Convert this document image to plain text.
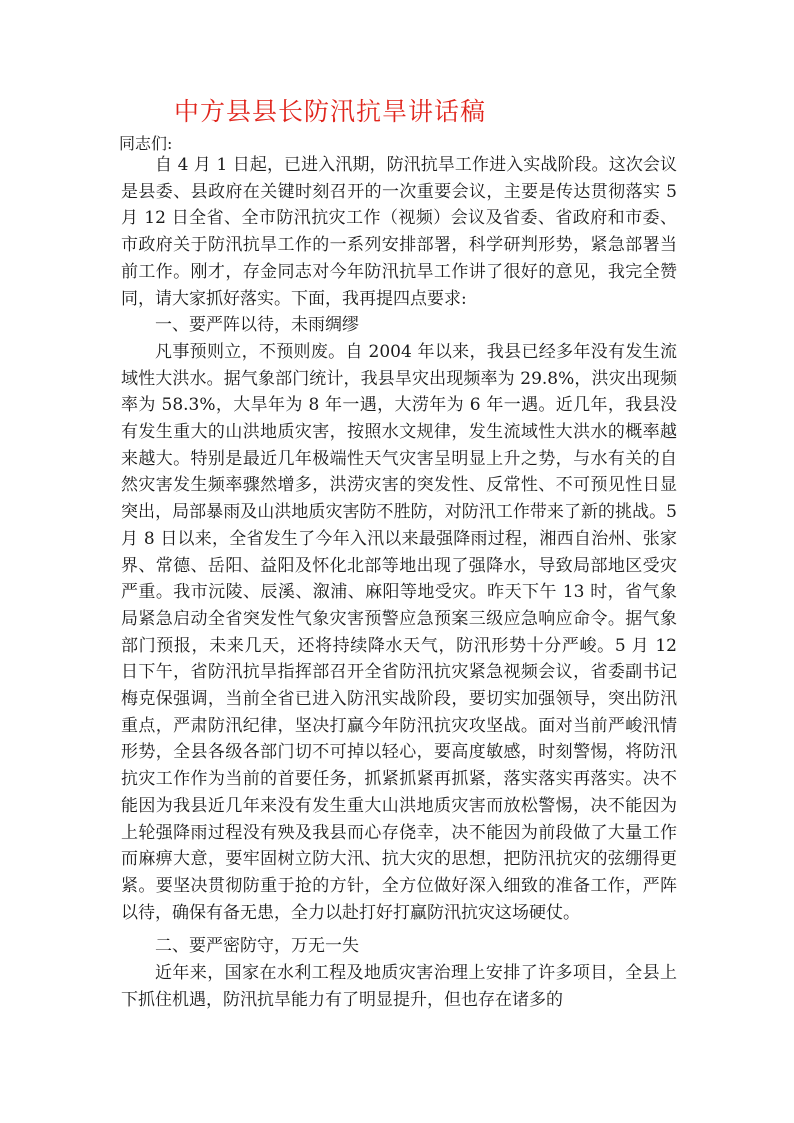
中方县县长防汛抗旱讲话稿
同志们:

自 4 月 1 日起，已进入汛期，防汛抗旱工作进入实战阶段。这次会议是县委、县政府在关键时刻召开的一次重要会议，主要是传达贯彻落实 5 月 12 日全省、全市防汛抗灾工作（视频）会议及省委、省政府和市委、市政府关于防汛抗旱工作的一系列安排部署，科学研判形势，紧急部署当前工作。刚才，存金同志对今年防汛抗旱工作讲了很好的意见，我完全赞同，请大家抓好落实。下面，我再提四点要求:

一、要严阵以待，未雨绸缪

凡事预则立，不预则废。自 2004 年以来，我县已经多年没有发生流域性大洪水。据气象部门统计，我县旱灾出现频率为 29.8%，洪灾出现频率为 58.3%，大旱年为 8 年一遇，大涝年为 6 年一遇。近几年，我县没有发生重大的山洪地质灾害，按照水文规律，发生流域性大洪水的概率越来越大。特别是最近几年极端性天气灾害呈明显上升之势，与水有关的自然灾害发生频率骤然增多，洪涝灾害的突发性、反常性、不可预见性日显突出，局部暴雨及山洪地质灾害防不胜防，对防汛工作带来了新的挑战。5 月 8 日以来，全省发生了今年入汛以来最强降雨过程，湘西自治州、张家界、常德、岳阳、益阳及怀化北部等地出现了强降水，导致局部地区受灾严重。我市沅陵、辰溪、溆浦、麻阳等地受灾。昨天下午 13 时，省气象局紧急启动全省突发性气象灾害预警应急预案三级应急响应命令。据气象部门预报，未来几天，还将持续降水天气，防汛形势十分严峻。5 月 12 日下午，省防汛抗旱指挥部召开全省防汛抗灾紧急视频会议，省委副书记梅克保强调，当前全省已进入防汛实战阶段，要切实加强领导，突出防汛重点，严肃防汛纪律，坚决打赢今年防汛抗灾攻坚战。面对当前严峻汛情形势，全县各级各部门切不可掉以轻心，要高度敏感，时刻警惕，将防汛抗灾工作作为当前的首要任务，抓紧抓紧再抓紧，落实落实再落实。决不能因为我县近几年来没有发生重大山洪地质灾害而放松警惕，决不能因为上轮强降雨过程没有殃及我县而心存侥幸，决不能因为前段做了大量工作而麻痹大意，要牢固树立防大汛、抗大灾的思想，把防汛抗灾的弦绷得更紧。要坚决贯彻防重于抢的方针，全方位做好深入细致的准备工作，严阵以待，确保有备无患，全力以赴打好打赢防汛抗灾这场硬仗。

二、要严密防守，万无一失

近年来，国家在水利工程及地质灾害治理上安排了许多项目，全县上下抓住机遇，防汛抗旱能力有了明显提升，但也存在诸多的
